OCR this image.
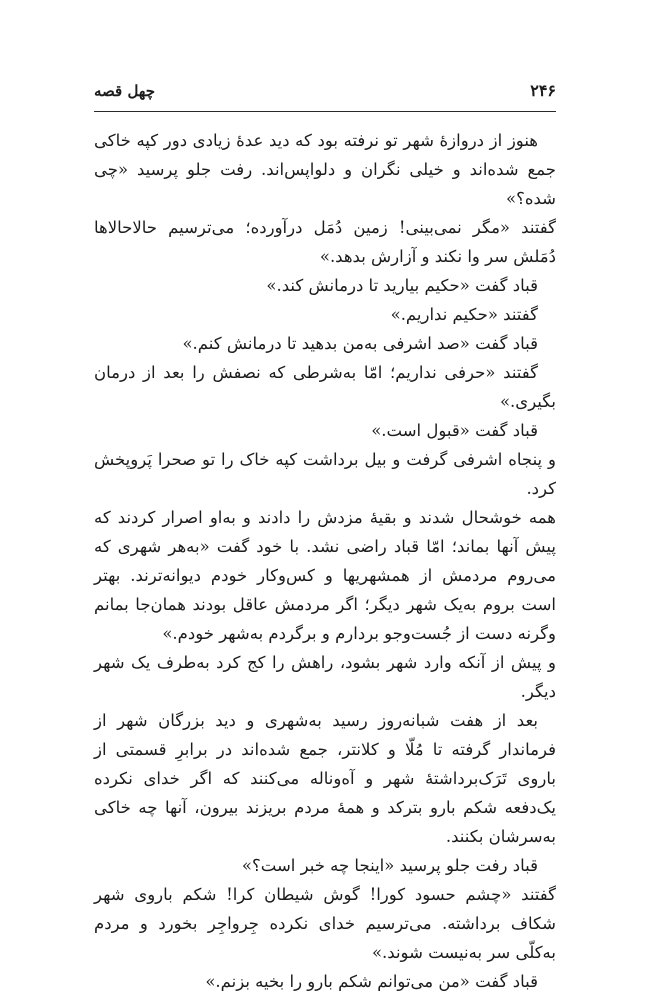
۲۴۶
چهل قصه

هنوز از دروازهٔ شهر تو نرفته بود که دید عدهٔ زیادی دور کپه خاکی جمع شده‌اند و خیلی نگران و دلواپس‌اند. رفت جلو پرسید «چی شده؟»

گفتند «مگر نمی‌بینی! زمین دُمَل درآورده؛ می‌ترسیم حالاحالاها دُمَلش سر وا نکند و آزارش بدهد.»

قباد گفت «حکیم بیارید تا درمانش کند.»

گفتند «حکیم نداریم.»

قباد گفت «صد اشرفی به‌من بدهید تا درمانش کنم.»

گفتند «حرفی نداریم؛ امّا به‌شرطی که نصفش را بعد از درمان بگیری.»

قباد گفت «قبول است.»

و پنجاه اشرفی گرفت و بیل برداشت کپه خاک را تو صحرا پَروپخش کرد.

همه خوشحال شدند و بقیهٔ مزدش را دادند و به‌او اصرار کردند که پیش آنها بماند؛ امّا قباد راضی نشد. با خود گفت «به‌هر شهری که می‌روم مردمش از همشهریها و کس‌وکار خودم دیوانه‌ترند. بهتر است بروم به‌یک شهر دیگر؛ اگر مردمش عاقل بودند همان‌جا بمانم وگرنه دست از جُست‌وجو بردارم و برگردم به‌شهر خودم.»

و پیش از آنکه وارد شهر بشود، راهش را کج کرد به‌طرف یک شهر دیگر.

بعد از هفت شبانه‌روز رسید به‌شهری و دید بزرگان شهر از فرماندار گرفته تا مُلّا و کلانتر، جمع شده‌اند در برابرِ قسمتی از باروی تَرَک‌برداشتهٔ شهر و آه‌وناله می‌کنند که اگر خدای نکرده یک‌دفعه شکم بارو بترکد و همهٔ مردم بریزند بیرون، آنها چه خاکی به‌سرشان بکنند.

قباد رفت جلو پرسید «اینجا چه خبر است؟»

گفتند «چشم حسود کورا! گوش شیطان کرا! شکم باروی شهر شکاف برداشته. می‌ترسیم خدای نکرده جِرواجِر بخورد و مردم به‌کلّی سر به‌نیست شوند.»

قباد گفت «من می‌توانم شکم بارو را بخیه بزنم.»
